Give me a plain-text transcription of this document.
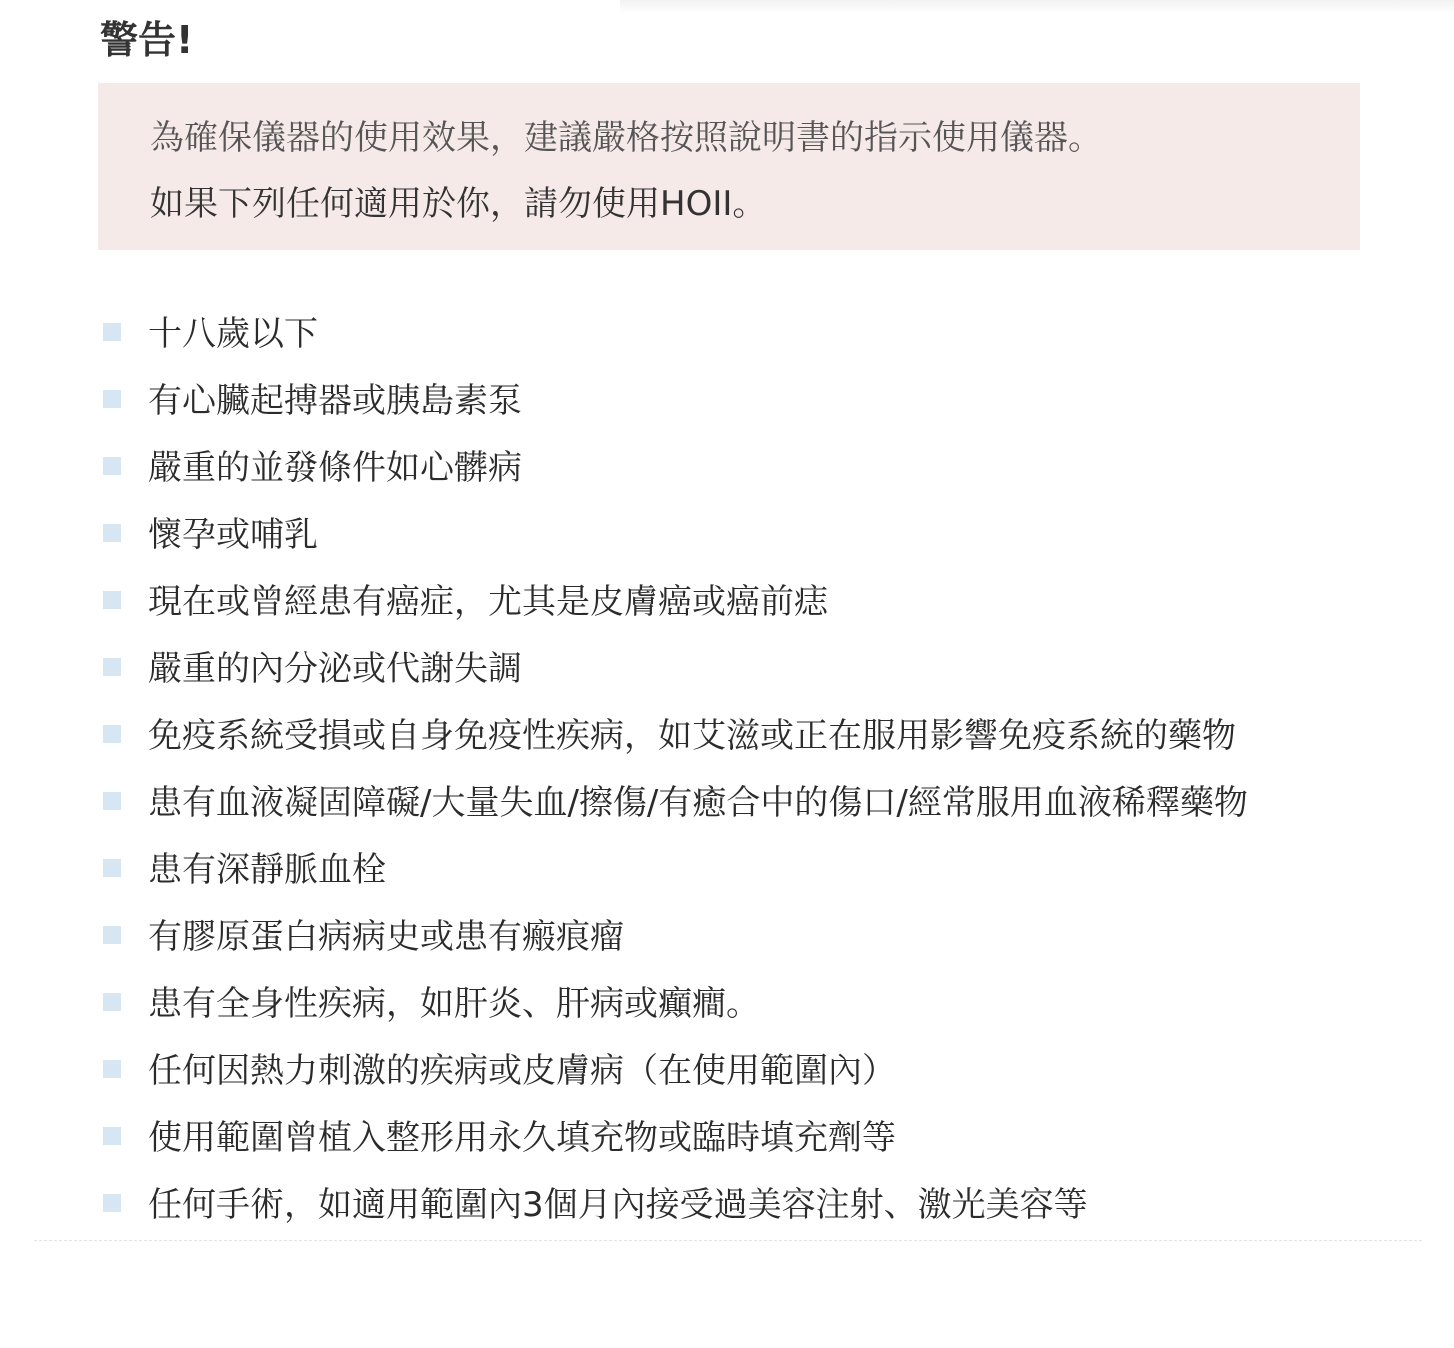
警告!
為確保儀器的使用效果，建議嚴格按照說明書的指示使用儀器。
如果下列任何適用於你，請勿使用HOII。
十八歲以下
有心臟起搏器或胰島素泵
嚴重的並發條件如心髒病
懷孕或哺乳
現在或曾經患有癌症，尤其是皮膚癌或癌前痣
嚴重的內分泌或代謝失調
免疫系統受損或自身免疫性疾病，如艾滋或正在服用影響免疫系統的藥物
患有血液凝固障礙/大量失血/擦傷/有癒合中的傷口/經常服用血液稀釋藥物
患有深靜脈血栓
有膠原蛋白病病史或患有瘢痕瘤
患有全身性疾病，如肝炎、肝病或癲癎。
任何因熱力刺激的疾病或皮膚病（在使用範圍內）
使用範圍曾植入整形用永久填充物或臨時填充劑等
任何手術，如適用範圍內3個月內接受過美容注射、激光美容等
